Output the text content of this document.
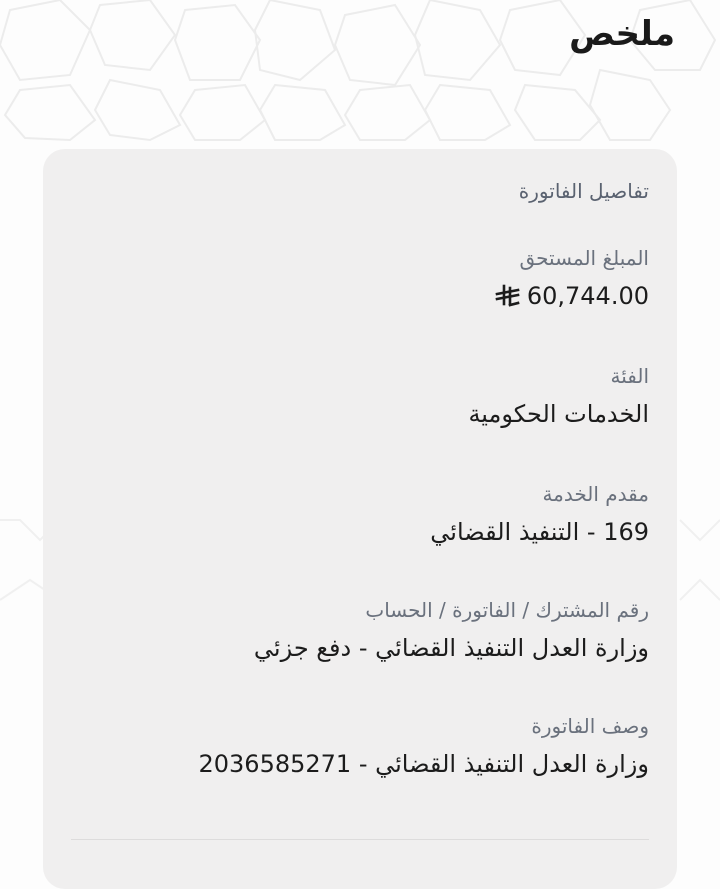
ملخص
تفاصيل الفاتورة
المبلغ المستحق
60,744.00
الفئة
الخدمات الحكومية
مقدم الخدمة
169 - التنفيذ القضائي
رقم المشترك / الفاتورة / الحساب
وزارة العدل التنفيذ القضائي - دفع جزئي
وصف الفاتورة
وزارة العدل التنفيذ القضائي - 2036585271
